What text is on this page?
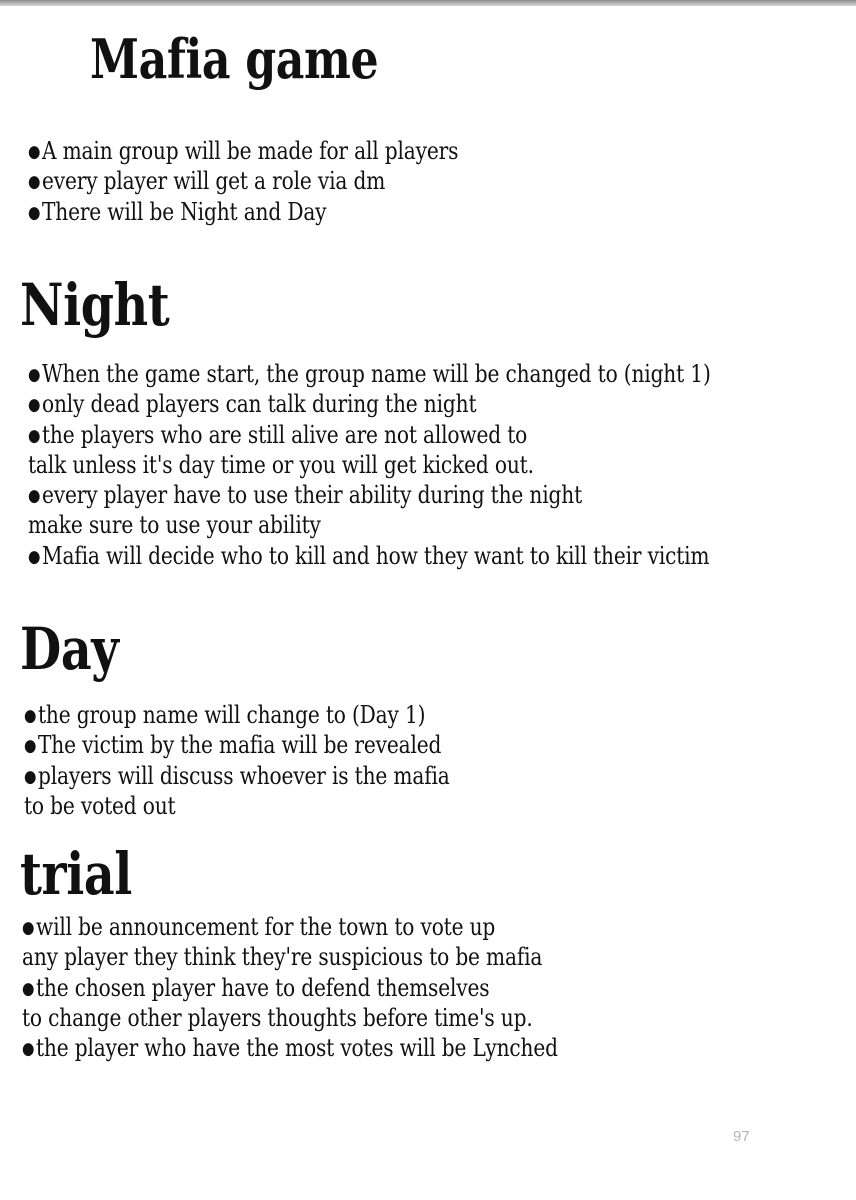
Mafia game
● A main group will be made for all players
● every player will get a role via dm
● There will be Night and Day
Night
● When the game start, the group name will be changed to (night 1)
● only dead players can talk during the night
● the players who are still alive are not allowed to
talk unless it's day time or you will get kicked out.
● every player have to use their ability during the night
make sure to use your ability
● Mafia will decide who to kill and how they want to kill their victim
Day
● the group name will change to (Day 1)
● The victim by the mafia will be revealed
● players will discuss whoever is the mafia
to be voted out
trial
● will be announcement for the town to vote up
any player they think they're suspicious to be mafia
● the chosen player have to defend themselves
to change other players thoughts before time's up.
● the player who have the most votes will be Lynched
97
